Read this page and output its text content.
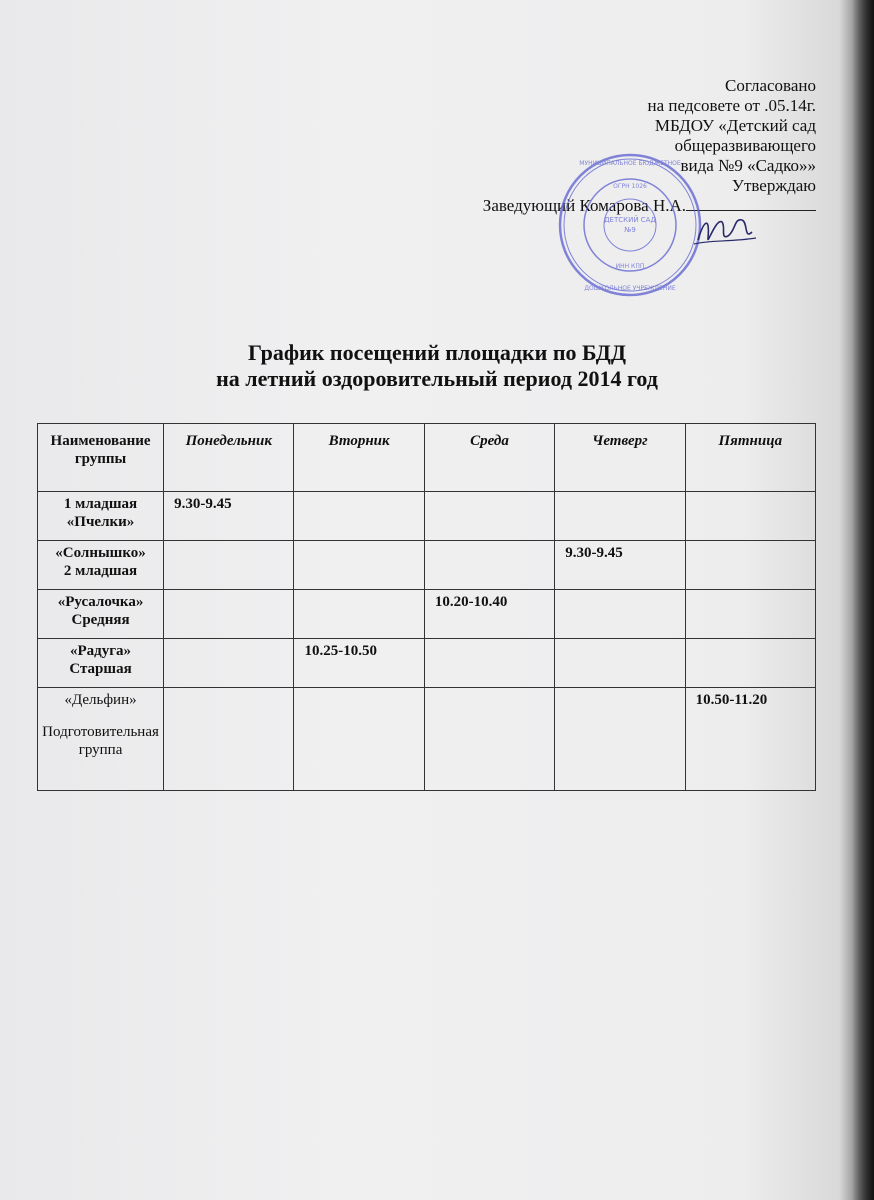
Согласовано
на педсовете от .05.14г.
МБДОУ «Детский сад
общеразвивающего
вида №9 «Садко»»
Утверждаю
Заведующий Комарова Н.А.
МУНИЦИПАЛЬНОЕ БЮДЖЕТНОЕ
ДОШКОЛЬНОЕ УЧРЕЖДЕНИЕ
ОГРН 1026
ИНН КПП
ДЕТСКИЙ САД
№9
График посещений площадки по БДД
на летний оздоровительный период 2014 год
Наименование группы	Понедельник	Вторник	Среда	Четверг	Пятница

1 младшая
«Пчелки»	9.30-9.45				

«Солнышко»
2 младшая				9.30-9.45	

«Русалочка»
Средняя			10.20-10.40		

«Радуга»
Старшая		10.25-10.50			

«Дельфин»
Подготовительная группа					10.50-11.20
